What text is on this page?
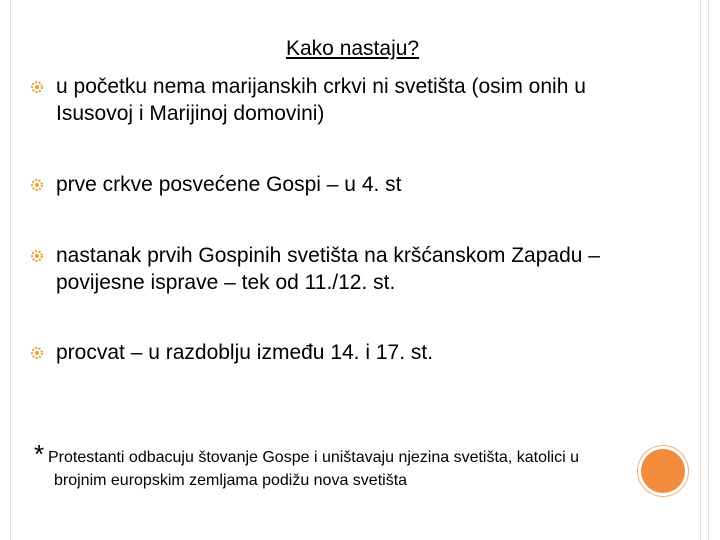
Kako nastaju?
u početku nema marijanskih crkvi ni svetišta (osim onih u
Isusovoj i Marijinoj domovini)
prve crkve posvećene Gospi – u 4. st
nastanak prvih Gospinih svetišta na kršćanskom Zapadu –
povijesne isprave – tek od 11./12. st.
procvat – u razdoblju između 14. i 17. st.
* Protestanti odbacuju štovanje Gospe i uništavaju njezina svetišta, katolici u
brojnim europskim zemljama podižu nova svetišta
